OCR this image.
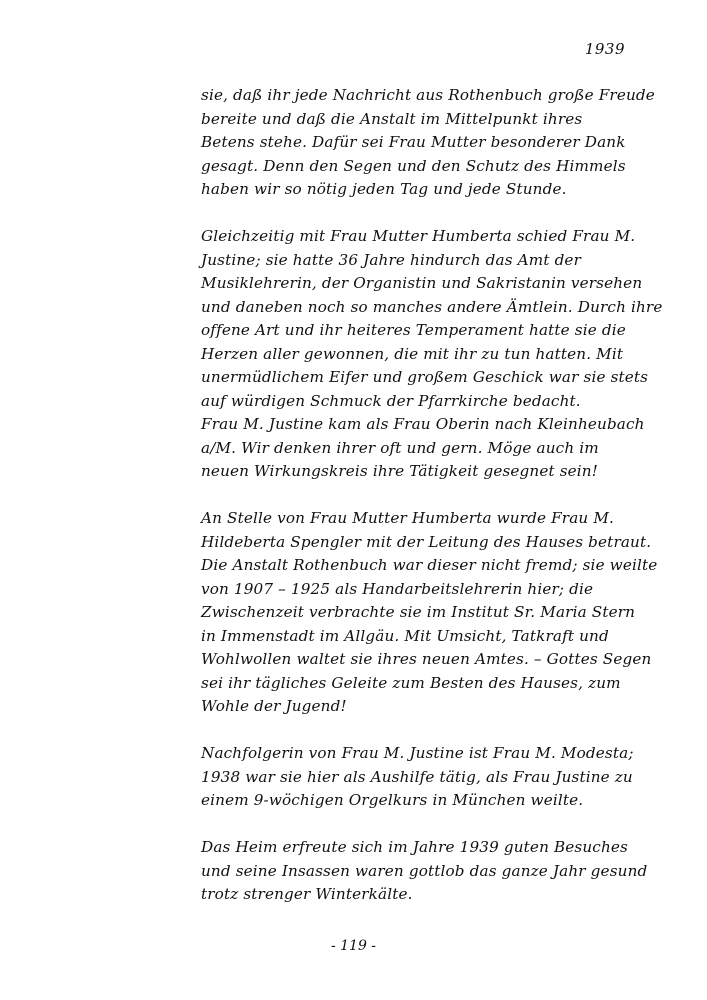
1939
sie, daß ihr jede Nachricht aus Rothenbuch große Freude
bereite und daß die Anstalt im Mittelpunkt ihres
Betens stehe. Dafür sei Frau Mutter besonderer Dank
gesagt. Denn den Segen und den Schutz des Himmels
haben wir so nötig jeden Tag und jede Stunde.
Gleichzeitig mit Frau Mutter Humberta schied Frau M.
Justine; sie hatte 36 Jahre hindurch das Amt der
Musiklehrerin, der Organistin und Sakristanin versehen
und daneben noch so manches andere Ämtlein. Durch ihre
offene Art und ihr heiteres Temperament hatte sie die
Herzen aller gewonnen, die mit ihr zu tun hatten. Mit
unermüdlichem Eifer und großem Geschick war sie stets
auf würdigen Schmuck der Pfarrkirche bedacht.
Frau M. Justine kam als Frau Oberin nach Kleinheubach
a/M. Wir denken ihrer oft und gern. Möge auch im
neuen Wirkungskreis ihre Tätigkeit gesegnet sein!
An Stelle von Frau Mutter Humberta wurde Frau M.
Hildeberta Spengler mit der Leitung des Hauses betraut.
Die Anstalt Rothenbuch war dieser nicht fremd; sie weilte
von 1907 – 1925 als Handarbeitslehrerin hier; die
Zwischenzeit verbrachte sie im Institut Sr. Maria Stern
in Immenstadt im Allgäu. Mit Umsicht, Tatkraft und
Wohlwollen waltet sie ihres neuen Amtes. – Gottes Segen
sei ihr tägliches Geleite zum Besten des Hauses, zum
Wohle der Jugend!
Nachfolgerin von Frau M. Justine ist Frau M. Modesta;
1938 war sie hier als Aushilfe tätig, als Frau Justine zu
einem 9-wöchigen Orgelkurs in München weilte.
Das Heim erfreute sich im Jahre 1939 guten Besuches
und seine Insassen waren gottlob das ganze Jahr gesund
trotz strenger Winterkälte.
- 119 -
